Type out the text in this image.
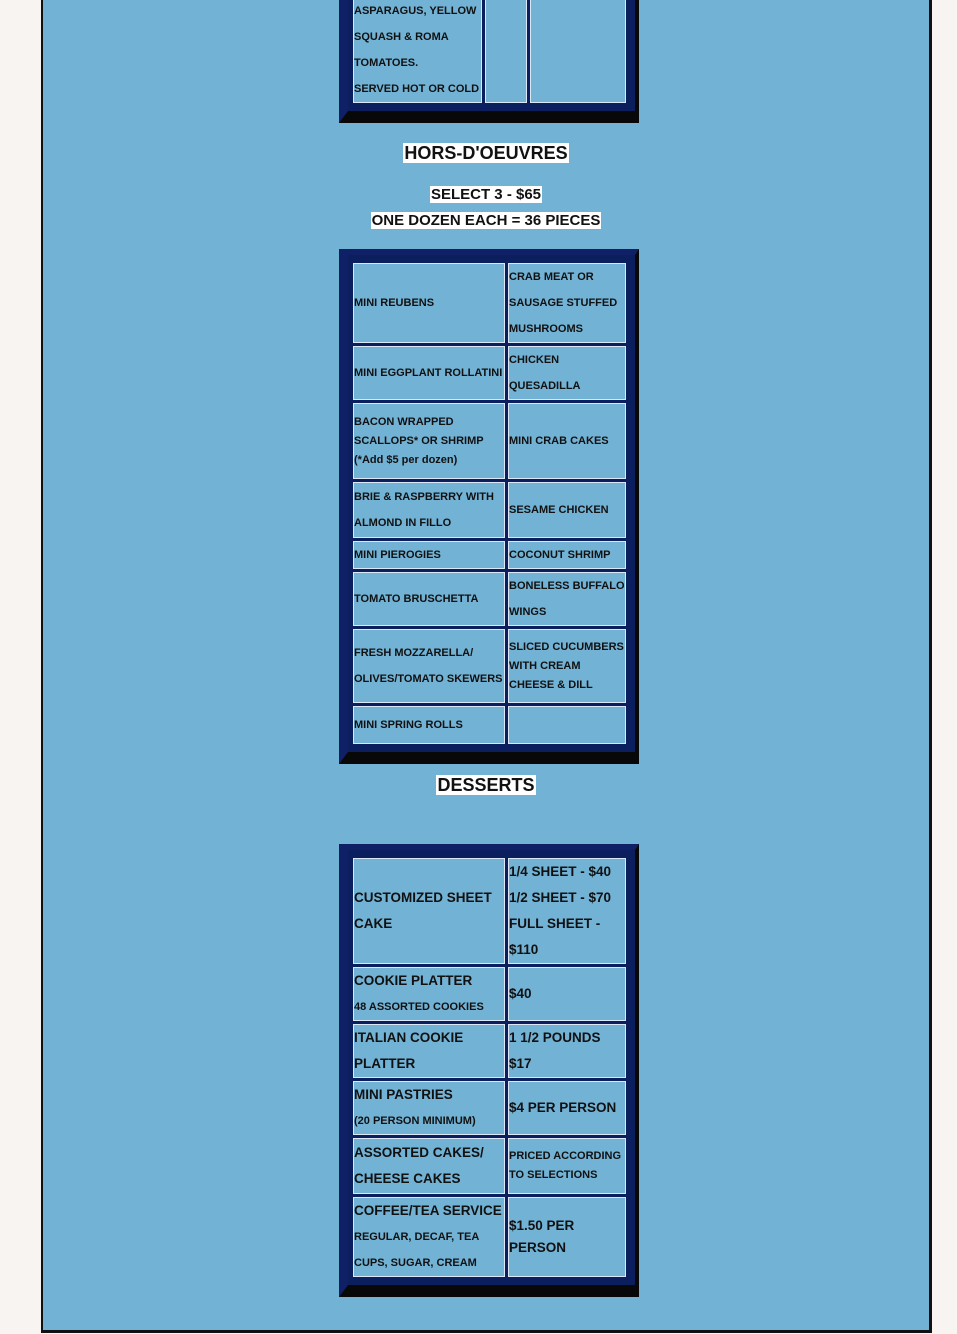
ASPARAGUS, YELLOW
SQUASH & ROMA
TOMATOES.
SERVED HOT OR COLD

HORS-D'OEUVRES
SELECT 3 - $65
ONE DOZEN EACH = 36 PIECES
MINI REUBENS	CRAB MEAT OR SAUSAGE STUFFED MUSHROOMS
MINI EGGPLANT ROLLATINI	CHICKEN QUESADILLA

BACON WRAPPED SCALLOPS* OR SHRIMP
(*Add $5 per dozen)	MINI CRAB CAKES
BRIE & RASPBERRY WITH ALMOND IN FILLO	SESAME CHICKEN
MINI PIEROGIES	COCONUT SHRIMP
TOMATO BRUSCHETTA	BONELESS BUFFALO WINGS
FRESH MOZZARELLA/ OLIVES/TOMATO SKEWERS	SLICED CUCUMBERS WITH CREAM CHEESE & DILL
MINI SPRING ROLLS	
DESSERTS
CUSTOMIZED SHEET CAKE	1/4 SHEET - $40 1/2 SHEET - $70 FULL SHEET - $110

COOKIE PLATTER
48 ASSORTED COOKIES	$40
ITALIAN COOKIE PLATTER	1 1/2 POUNDS $17

MINI PASTRIES
(20 PERSON MINIMUM)	$4 PER PERSON
ASSORTED CAKES/ CHEESE CAKES	PRICED ACCORDING TO SELECTIONS

COFFEE/TEA SERVICE
REGULAR, DECAF, TEA CUPS, SUGAR, CREAM	$1.50 PER PERSON
